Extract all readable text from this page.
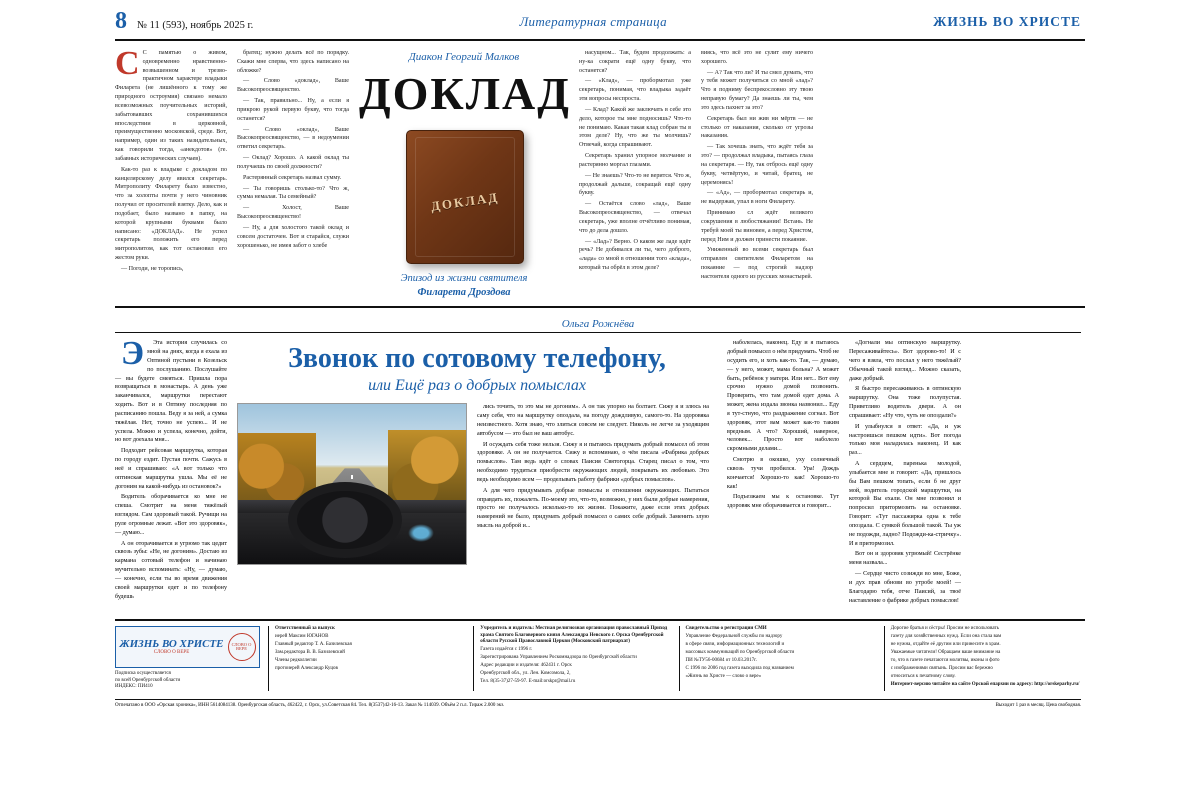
8 № 11 (593), ноябрь 2025 г.	Литературная страница	ЖИЗНЬ ВО ХРИСТЕ

С С памятью о живом, одновременно нравственно-возвышенном и трезво-практичном характере владыки Филарета (не лишённого к тому же природного остроумия) связано немало всевозможных поучительных историй, забытовавших сохранившихся впоследствии в церковной, преимущественно московской, среде. Вот, например, один из таких назидательных, как говорили тогда, «анекдотов» (ге. забавных исторических случаев).

Как-то раз к владыке с докладом по канцелярскому делу явился секретарь. Митрополиту Филарету было известно, что за холопты почти у него чиновник получил от просителей взятку. Дело, как и подобает, было названо в папку, на которой крупными буквами было написано: «ДОКЛАД». Не успел секретарь положить его перед митрополитом, как тот остановил его жестом руки.

— Погоди, не торопись,

братец; нужно делать всё по порядку. Скажи мне сперва, что здесь написано на обложке?

— Слово «доклад», Ваше Высокопреосвященство.

— Так, правильно... Ну, а если я прикрою рукой первую букву, что тогда останется?

— Слово «оклад», Ваше Высокопреосвященство, — в недоумении ответил секретарь.

— Оклад? Хорошо. А какой оклад ты получаешь по своей должности?

Растерянный секретарь назвал сумму.

— Ты говоришь столько-то? Что ж, сумма немалая. Ты семейный?

— Холост, Ваше Высокопреосвященство!

— Ну, а для холостого такой оклад и совсем достаточен. Вот и старайся, служи хорошенько, не имея забот о хлебе

Диакон Георгий Малков
ДОКЛАД
ДОКЛАД
Эпизод из жизни святителя
Филарета Дроздова

насущном... Так, будем продолжать: а ну-ка сократи ещё одну букву, что останется?

— «Клад», — пробормотал уже секретарь, понимая, что владыка задаёт эти вопросы неспроста.

— Клад? Какой же заключать в себе это дело, которое ты мне подносишь? Что-то не понимаю. Какая такая клад собран ты в этом деле? Ну, что же ты молчишь? Отвечай, когда спрашивают.

Секретарь хранил упорное молчание и растерянно моргал глазами.

— Не знаешь? Что-то не верится. Что ж, продолжай дальше, сокращай ещё одну букву.

— Остаётся слово «лад», Ваше Высокопреосвященство, — отвечал секретарь, уже вполне отчётливо понимая, что до дела дошло.

— «Лад»? Верно. О каком же ладе идёт речь? Не добивался ли ты, чего доброго, «лада» со мной в отношении того «клада», который ты обрёл в этом деле?

виясь, что всё это не сулит ему ничего хорошего.

— А? Так что ли? И ты смел думать, что у тебя может получиться со мной «лад»? Что я подниму беспрекословно эту твою неправую бумагу? Да знаешь ли ты, чем это здесь пахнет за это?

Секретарь был ни жив ни мёртв — не столько от наказания, сколько от угрозы наказания.

— Так хочешь знать, что ждёт тебя за это? — продолжал владыка, пытаясь глаза на секретаря. — Ну, так отбрось ещё одну букву, четвёртую, и читай, братец, не церемонясь!

— «Ад», — пробормотал секретарь и, не выдержав, упал в ноги Филарету.

Принимаю сл ждёт великого сокрушения в любостяжании! Встань. Не требуй моей ты виновен, а перед Христом, перед Ним и должен принести покаяние.

Униженный во всеми секретарь был отправлен святителем Филаретом на покаяние — под строгий надзор настоятеля одного из русских монастырей.

Ольга Рожнёва

Э	Эта история случилась со мной на днях, когда я ехала из Оптиной пустыни в Козельск по послушанию. Послушайте — вы будете смеяться. Пришла пора возвращаться в монастырь. А день уже заканчивался, маршрутки перестают ходить. Вот и в Оптину последняя по расписанию пошла. Веду я за ней, а сумка тяжёлая. Нет, точно не успею... И не успела. Можно и успела, конечно, дойти, но вот доехала мня...

Подходит рейсовая маршрутка, которая по городу ездит. Пустая почти. Сажусь в неё и спрашиваю: «А вот только что оптинская маршрутка ушла. Мы её не догоним на какой-нибудь из остановок?»

Водитель оборачивается ко мне не спеша. Смотрит на меня тяжёлый взглядом. Сам здоровый такой. Ручищи на руле огромные лежат. «Вот это здоровяк», — думаю...

А он оторачивается и угрюмо так цедит сквозь зубы: «Не, не догоним». Достаю из кармана сотовый телефон и начинаю мучительно вспоминать: «Ну, — думаю, — конечно, если ты во время движения своей маршрутки едет и по телефону будешь

Звонок по сотовому телефону,
или Ещё раз о добрых помыслах

лись точить, то это мы не догоним». А он так упорно на болтает. Сижу я и злюсь на саму себя, что на маршрутку опоздала, на погоду дождливую, самого-то. На здоровяка неизвестного. Хотя знаю, что злиться совсем не следует. Николь не легче за уходящим автобусом — это был не ваш автобус.

И осуждать себя тоже нельзя. Сижу я и пытаюсь придумать добрый помысел об этом здоровяке. А он не получается. Сижу и вспоминаю, о чём писала «Фабрика добрых помыслов». Там ведь идёт о словах Паисия Святогорца. Старец писал о том, что необходимо трудиться приобрести окружающих людей, покрывать их любовью. Это ведь необходимо всем — проделывать работу фабрики «добрых помыслов».

А для чего придумывать добрые помыслы и отношении окружающих. Пытаться оправдать их, пожалеть. По-моему это, что-то, возможно, у них были добрые намерения, просто не получалось исколько-то их жизни. Покажите, даже если этих добрых намерений не было, придумать добрый помысел о самих себе добрый. Заменить злую мысль на доброй и...

наболелась, наконец. Еду и я пытаюсь добрый помысел о нём придумать. Чтоб не осудить его, и хоть как-то. Так, — думаю, — у него, может, мама больна? А может быть, ребёнок у матери. Или нет... Вот ему срочно нужно домой позвонить. Проверить, что там домой едет дома. А может, жена издала звонка назвонил... Еду я тут-стную, что раздражение согнал. Вот здоровяк, этот вам может как-то таким вредным. А что? Хороший, наверное, человек... Просто вот наболело скромными делами...

Смотрю в окошко, уху солнечный сквозь тучи пробился. Ура! Дождь кончается! Хорошо-то как! Хорошо-то как!

Подъезжаем мы к остановке. Тут здоровяк мне оборачивается и говорит...

«Догнали мы оптинскую маршрутку. Пересаживайтесь». Вот здорово-то! И с чего я взяла, что послал у него тяжёлый? Обычный такой взгляд... Можно сказать, даже добрый.

Я быстро пересаживаюсь в оптинскую маршрутку. Она тоже полупустая. Приветливо водитель двери. А он спрашивает: «Ну что, чуть не опоздали?»

И улыбнулся в ответ: «Да, и уж настроишься пешком идти». Вот погода только моя наладилась наконец. И как раз...

А сердцем, паренька молодой, улыбается мне и говорит: «Да, пришлось бы Вам пешком топать, если б не друг мой, водитель городской маршрутки, на которой Вы ехали. Он мне позвонил и попросил притормозить на остановке. Говорит: «Тут пассажирка одна к тебе опоздала. С сумкой большой такой. Ты уж не подожди, ладно? Подожди-ка-стричку». И я притормозил.

Вот он и здоровяк угрюмый! Сестрёнке меня назвала...

— Сердце чисто созижди во мне, Боже, и дух прав обнови во утробе моей! — Благодарю тебя, отче Паисий, за твоё наставление о фабрике добрых помыслов!

ЖИЗНЬ ВО ХРИСТЕ
СЛОВО О ВЕРЕ
СЛОВО О ВЕРЕ

Подписка осуществляется

по всей Оренбургской области

ИНДЕКС: ПИ410

Ответственный за выпуск

иерей Максим ЮГАНОВ

Главный редактор Т. А. Базилевская

Зам.редактора В. В. Базилевский

Члены редколлегии

протоиерей Александр Куцов

Учредитель и издатель: Местная религиозная организация православный Приход храма Святого Благоверного князя Александра Невского г. Орска Оренбургской области Русской Православной Церкви (Московский патриархат)

Газета издаётся с 1996 г.

Зарегистрирована Управлением Роскомнадзора по Оренбургской области

Адрес редакции и издателя: 462431 г. Орск

Оренбургской обл., ул. Лен. Комсомола, 2,

Тел. 8(35-37)27-59-97. E-mail:orskpr@mail.ru

Свидетельство о регистрации СМИ

Управление Федеральной службы по надзору

в сфере связи, информационных технологий и

массовых коммуникаций по Оренбургской области

ПИ №ТУ56-00684 от 10.03.2017г.

С 1996 по 2006 год газета выходила под названием

«Жизнь во Христе — слово о вере»

Дорогие братья и сёстры! Просим не использовать

газету для хозяйственных нужд. Если она стала вам

не нужна, отдайте её другим или принесите в храм.

Уважаемые читатели! Обращаем ваше внимание на

то, что в газете печатаются молитвы, иконы и фото

с изображениями святынь. Просим вас бережно

относиться к печатному слову.

Интернет-версию читайте на сайте Орской епархии по адресу: http://orskeparhy.ru/

Отпечатано в ООО «Орская хроника», ИНН 5614084138. Оренбургская область, 462422, г. Орск, ул.Советская 84. Тел. 8(3537)42-16-13. Заказ № 114039. Объём 2 п.л. Тираж 2.000 экз.	Выходит 1 раз в месяц. Цена свободная.
